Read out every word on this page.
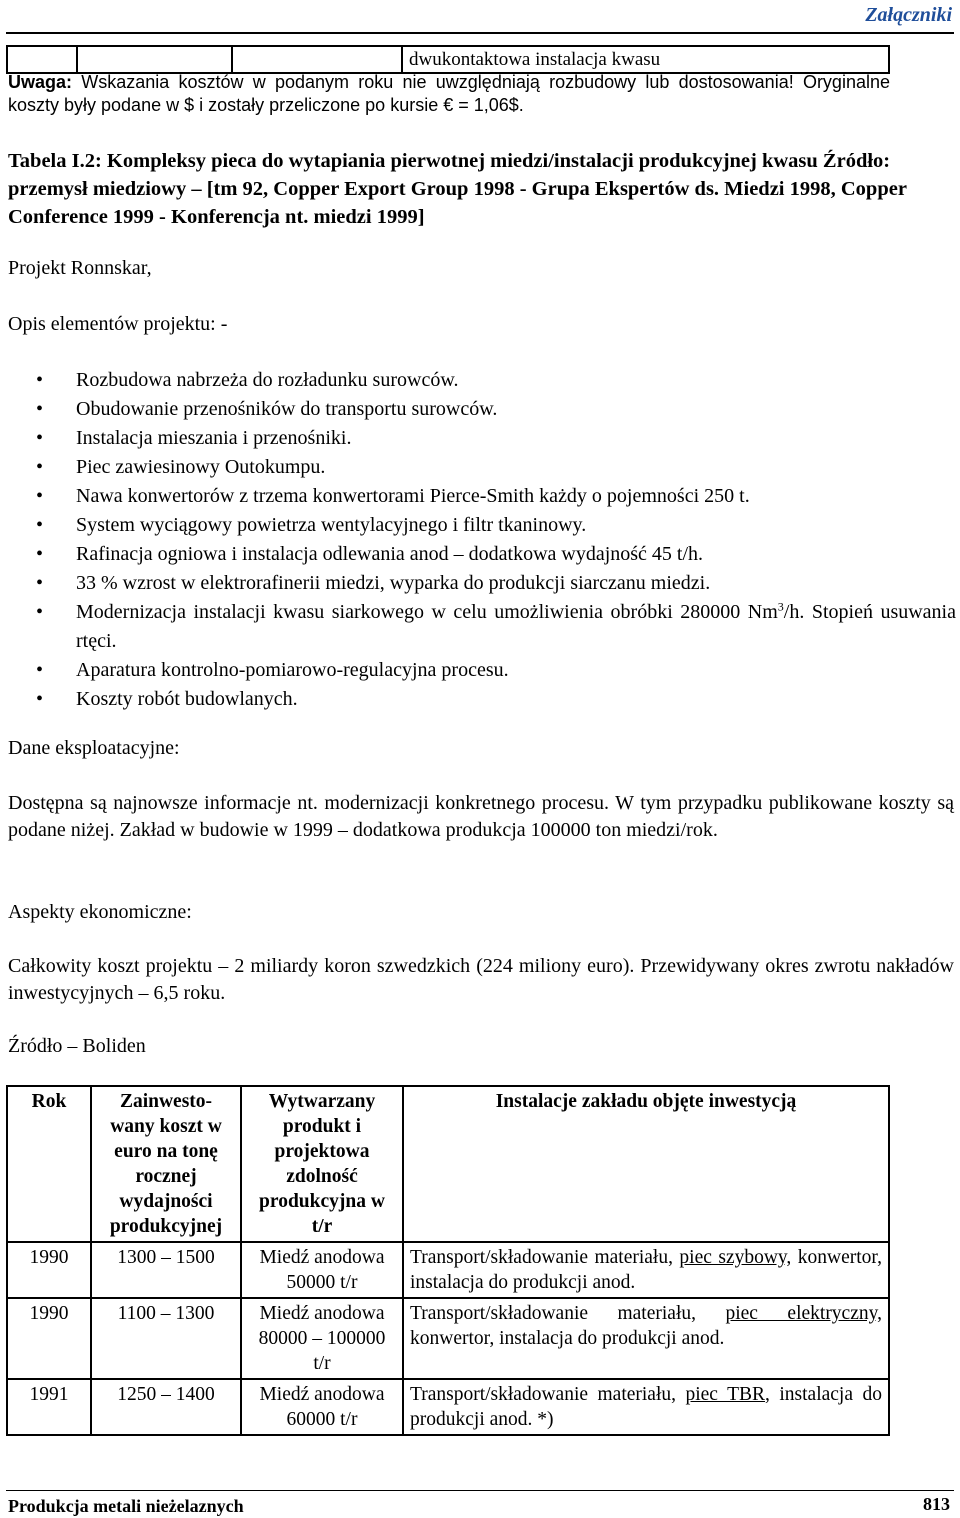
Załączniki
			dwukontaktowa instalacja kwasu
Uwaga: Wskazania kosztów w podanym roku nie uwzględniają rozbudowy lub dostosowania! Oryginalne koszty były podane w $ i zostały przeliczone po kursie € = 1,06$.
Tabela I.2: Kompleksy pieca do wytapiania pierwotnej miedzi/instalacji produkcyjnej kwasu Źródło: przemysł miedziowy – [tm 92, Copper Export Group 1998 - Grupa Ekspertów ds. Miedzi 1998, Copper Conference 1999 - Konferencja nt. miedzi 1999]
Projekt Ronnskar,
Opis elementów projektu: -
• Rozbudowa nabrzeża do rozładunku surowców.
• Obudowanie przenośników do transportu surowców.
• Instalacja mieszania i przenośniki.
• Piec zawiesinowy Outokumpu.
• Nawa konwertorów z trzema konwertorami Pierce-Smith każdy o pojemności 250 t.
• System wyciągowy powietrza wentylacyjnego i filtr tkaninowy.
• Rafinacja ogniowa i instalacja odlewania anod – dodatkowa wydajność 45 t/h.
• 33 % wzrost w elektrorafinerii miedzi, wyparka do produkcji siarczanu miedzi.
• Modernizacja instalacji kwasu siarkowego w celu umożliwienia obróbki 280000 Nm$^3$/h. Stopień usuwania rtęci.
• Aparatura kontrolno-pomiarowo-regulacyjna procesu.
• Koszty robót budowlanych.
Dane eksploatacyjne:
Dostępna są najnowsze informacje nt. modernizacji konkretnego procesu. W tym przypadku publikowane koszty są podane niżej. Zakład w budowie w 1999 – dodatkowa produkcja 100000 ton miedzi/rok.
Aspekty ekonomiczne:
Całkowity koszt projektu – 2 miliardy koron szwedzkich (224 miliony euro). Przewidywany okres zwrotu nakładów inwestycyjnych – 6,5 roku.
Źródło – Boliden
Rok	Zainwesto-wany koszt w euro na tonę rocznej wydajności produkcyjnej	Wytwarzany produkt i projektowa zdolność produkcyjna w t/r	Instalacje zakładu objęte inwestycją
1990	1300 – 1500	Miedź anodowa 50000 t/r	Transport/składowanie materiału, piec szybowy, konwertor, instalacja do produkcji anod.
1990	1100 – 1300	Miedź anodowa 80000 – 100000 t/r	Transport/składowanie materiału, piec elektryczny, konwertor, instalacja do produkcji anod.
1991	1250 – 1400	Miedź anodowa 60000 t/r	Transport/składowanie materiału, piec TBR, instalacja do produkcji anod. *)
Produkcja metali nieżelaznych	813
